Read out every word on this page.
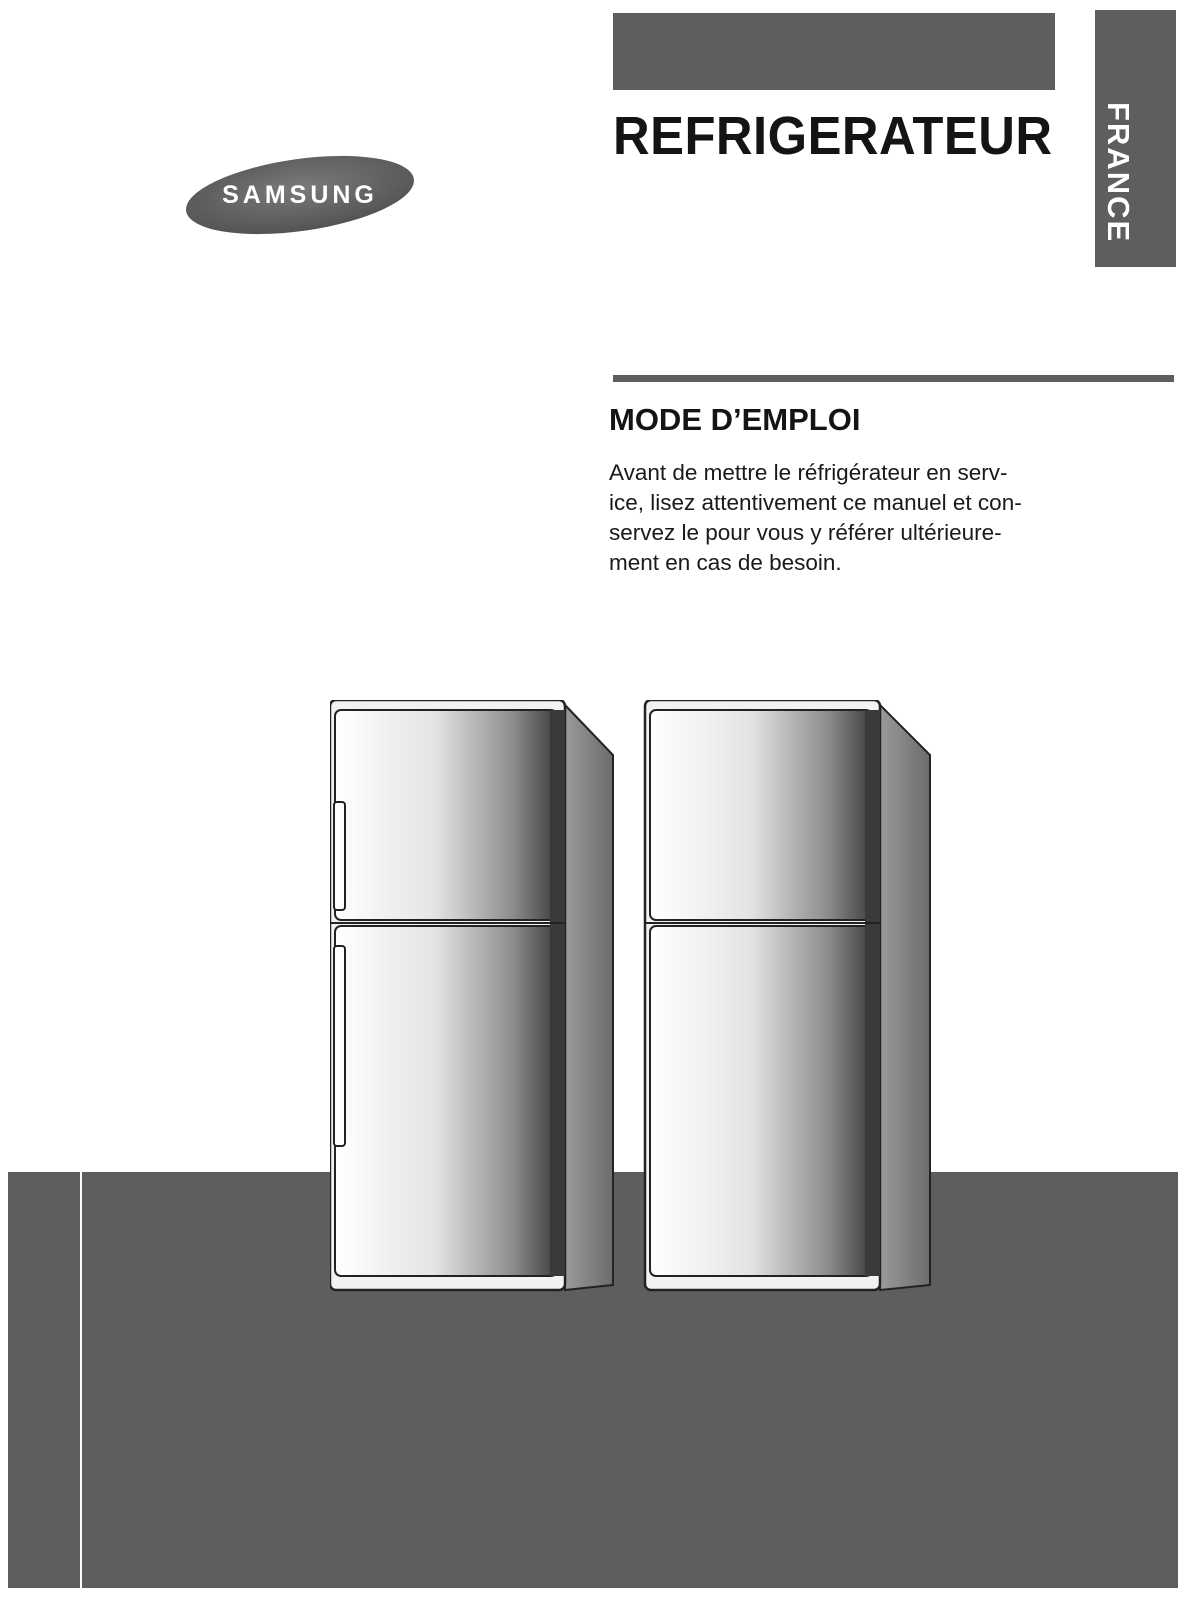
REFRIGERATEUR FRANCE
SAMSUNG
MODE D’EMPLOI
Avant de mettre le réfrigérateur en serv-
ice, lisez attentivement ce manuel et con-
servez le pour vous y référer ultérieure-
ment en cas de besoin.
